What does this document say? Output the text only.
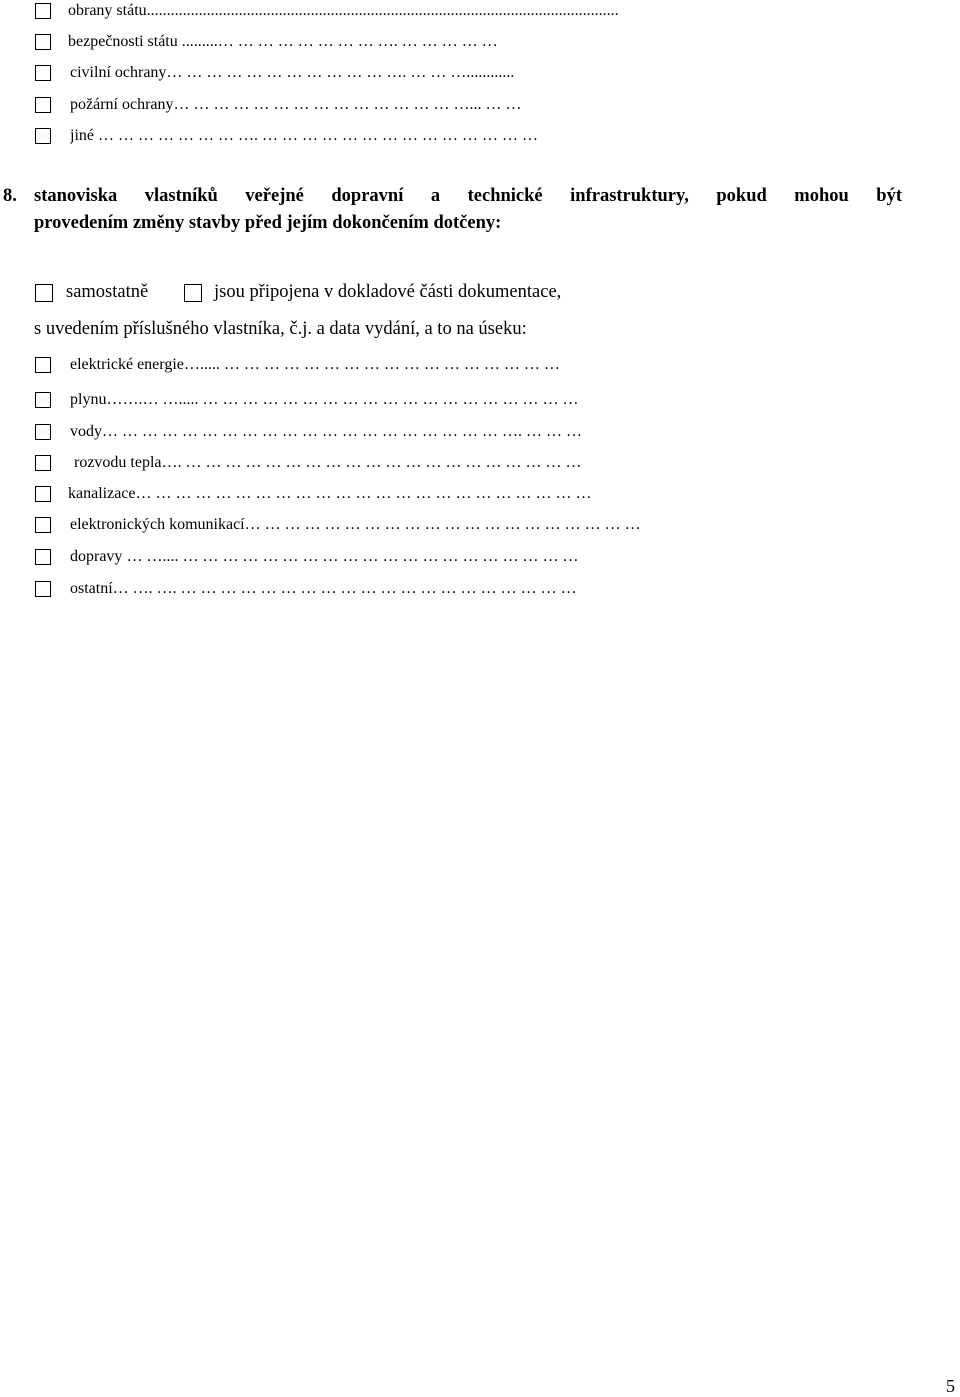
obrany státu......................................................................................................................
bezpečnosti státu .........… … … … … … … … …. … … … … …
civilní ochrany… … … … … … … … … … … …. … … …............
požární ochrany… … … … … … … … … … … … … … …... … …
jiné … … … … … … … …. … … … … … … … … … … … … … …
8. stanoviska vlastníků veřejné dopravní a technické infrastruktury, pokud mohou být
provedením změny stavby před jejím dokončením dotčeny:
samostatně	jsou připojena v dokladové části dokumentace,
s uvedením příslušného vlastníka, č.j. a data vydání, a to na úseku:
elektrické energie…..... … … … … … … … … … … … … … … … … …
plynu…….… …..... … … … … … … … … … … … … … … … … … … …
vody… … … … … … … … … … … … … … … … … … … … …. … … …
rozvodu tepla…. … … … … … … … … … … … … … … … … … … … …
kanalizace… … … … … … … … … … … … … … … … … … … … … … …
elektronických komunikací… … … … … … … … … … … … … … … … … … … …
dopravy … ….... … … … … … … … … … … … … … … … … … … … …
ostatní… …. …. … … … … … … … … … … … … … … … … … … … …
5
